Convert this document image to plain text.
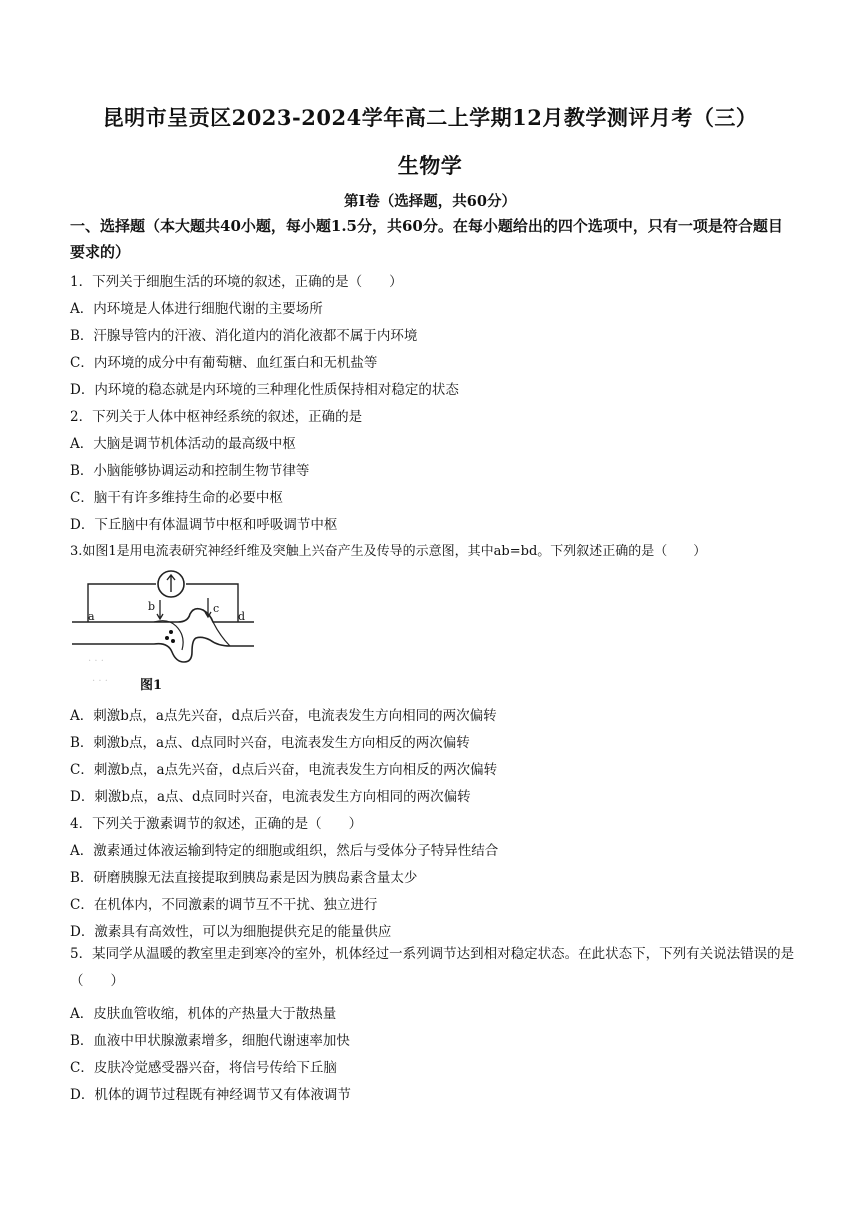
昆明市呈贡区2023-2024学年高二上学期12月教学测评月考（三）
生物学
第Ⅰ卷（选择题，共60分）
一、选择题（本大题共40小题，每小题1.5分，共60分。在每小题给出的四个选项中，只有一项是符合题目要求的）
1．下列关于细胞生活的环境的叙述，正确的是（　　）
A．内环境是人体进行细胞代谢的主要场所
B．汗腺导管内的汗液、消化道内的消化液都不属于内环境
C．内环境的成分中有葡萄糖、血红蛋白和无机盐等
D．内环境的稳态就是内环境的三种理化性质保持相对稳定的状态
2．下列关于人体中枢神经系统的叙述，正确的是
A．大脑是调节机体活动的最高级中枢
B．小脑能够协调运动和控制生物节律等
C．脑干有许多维持生命的必要中枢
D．下丘脑中有体温调节中枢和呼吸调节中枢
3.如图1是用电流表研究神经纤维及突触上兴奋产生及传导的示意图，其中ab=bd。下列叙述正确的是（　　）
a
b	c
d
· · ·
· · · 图1
A．刺激b点，a点先兴奋，d点后兴奋，电流表发生方向相同的两次偏转
B．刺激b点，a点、d点同时兴奋，电流表发生方向相反的两次偏转
C．刺激b点，a点先兴奋，d点后兴奋，电流表发生方向相反的两次偏转
D．刺激b点，a点、d点同时兴奋，电流表发生方向相同的两次偏转
4．下列关于激素调节的叙述，正确的是（　　）
A．激素通过体液运输到特定的细胞或组织，然后与受体分子特异性结合
B．研磨胰腺无法直接提取到胰岛素是因为胰岛素含量太少
C．在机体内，不同激素的调节互不干扰、独立进行
D．激素具有高效性，可以为细胞提供充足的能量供应
5．某同学从温暖的教室里走到寒冷的室外，机体经过一系列调节达到相对稳定状态。在此状态下，下列有关说法错误的是（　　）
A．皮肤血管收缩，机体的产热量大于散热量
B．血液中甲状腺激素增多，细胞代谢速率加快
C．皮肤冷觉感受器兴奋，将信号传给下丘脑
D．机体的调节过程既有神经调节又有体液调节
